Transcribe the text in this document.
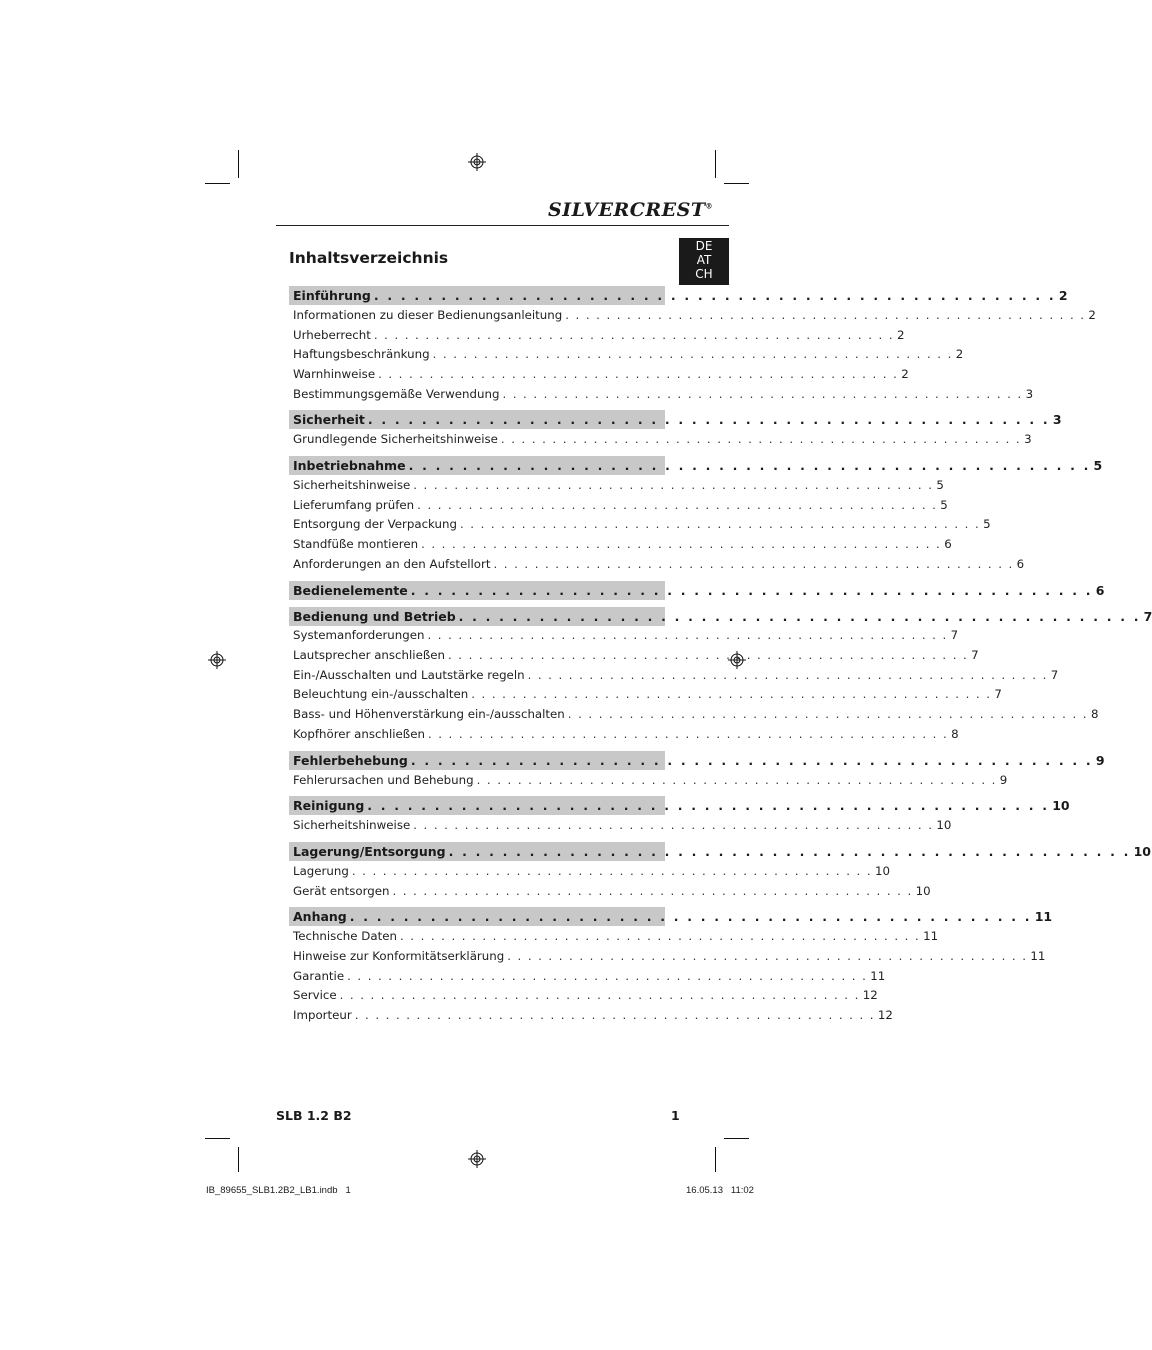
SILVERCREST®
DE
AT
CH
Inhaltsverzeichnis
Einführung . . . . . . . . . . . . . . . . . . . . . . . . . . . . . . . . . . . . . . . . . . . . . . . . . . . 2
Informationen zu dieser Bedienungsanleitung . . . . . . . . . . . . . . . . . . . . . . . . . . . . . . . . . . . . . . . . . . . . . . . . . . . 2
Urheberrecht . . . . . . . . . . . . . . . . . . . . . . . . . . . . . . . . . . . . . . . . . . . . . . . . . . . 2
Haftungsbeschränkung . . . . . . . . . . . . . . . . . . . . . . . . . . . . . . . . . . . . . . . . . . . . . . . . . . . 2
Warnhinweise . . . . . . . . . . . . . . . . . . . . . . . . . . . . . . . . . . . . . . . . . . . . . . . . . . . 2
Bestimmungsgemäße Verwendung . . . . . . . . . . . . . . . . . . . . . . . . . . . . . . . . . . . . . . . . . . . . . . . . . . . 3
Sicherheit . . . . . . . . . . . . . . . . . . . . . . . . . . . . . . . . . . . . . . . . . . . . . . . . . . . 3
Grundlegende Sicherheitshinweise . . . . . . . . . . . . . . . . . . . . . . . . . . . . . . . . . . . . . . . . . . . . . . . . . . . 3
Inbetriebnahme . . . . . . . . . . . . . . . . . . . . . . . . . . . . . . . . . . . . . . . . . . . . . . . . . . . 5
Sicherheitshinweise . . . . . . . . . . . . . . . . . . . . . . . . . . . . . . . . . . . . . . . . . . . . . . . . . . . 5
Lieferumfang prüfen . . . . . . . . . . . . . . . . . . . . . . . . . . . . . . . . . . . . . . . . . . . . . . . . . . . 5
Entsorgung der Verpackung . . . . . . . . . . . . . . . . . . . . . . . . . . . . . . . . . . . . . . . . . . . . . . . . . . . 5
Standfüße montieren . . . . . . . . . . . . . . . . . . . . . . . . . . . . . . . . . . . . . . . . . . . . . . . . . . . 6
Anforderungen an den Aufstellort . . . . . . . . . . . . . . . . . . . . . . . . . . . . . . . . . . . . . . . . . . . . . . . . . . . 6
Bedienelemente . . . . . . . . . . . . . . . . . . . . . . . . . . . . . . . . . . . . . . . . . . . . . . . . . . . 6
Bedienung und Betrieb . . . . . . . . . . . . . . . . . . . . . . . . . . . . . . . . . . . . . . . . . . . . . . . . . . . 7
Systemanforderungen . . . . . . . . . . . . . . . . . . . . . . . . . . . . . . . . . . . . . . . . . . . . . . . . . . . 7
Lautsprecher anschließen . . . . . . . . . . . . . . . . . . . . . . . . . . . . . . . . . . . . . . . . . . . . . . . . . . . 7
Ein-/Ausschalten und Lautstärke regeln . . . . . . . . . . . . . . . . . . . . . . . . . . . . . . . . . . . . . . . . . . . . . . . . . . . 7
Beleuchtung ein-/ausschalten . . . . . . . . . . . . . . . . . . . . . . . . . . . . . . . . . . . . . . . . . . . . . . . . . . . 7
Bass- und Höhenverstärkung ein-/ausschalten . . . . . . . . . . . . . . . . . . . . . . . . . . . . . . . . . . . . . . . . . . . . . . . . . . . 8
Kopfhörer anschließen . . . . . . . . . . . . . . . . . . . . . . . . . . . . . . . . . . . . . . . . . . . . . . . . . . . 8
Fehlerbehebung . . . . . . . . . . . . . . . . . . . . . . . . . . . . . . . . . . . . . . . . . . . . . . . . . . . 9
Fehlerursachen und Behebung . . . . . . . . . . . . . . . . . . . . . . . . . . . . . . . . . . . . . . . . . . . . . . . . . . . 9
Reinigung . . . . . . . . . . . . . . . . . . . . . . . . . . . . . . . . . . . . . . . . . . . . . . . . . . . 10
Sicherheitshinweise . . . . . . . . . . . . . . . . . . . . . . . . . . . . . . . . . . . . . . . . . . . . . . . . . . . 10
Lagerung/Entsorgung . . . . . . . . . . . . . . . . . . . . . . . . . . . . . . . . . . . . . . . . . . . . . . . . . . . 10
Lagerung . . . . . . . . . . . . . . . . . . . . . . . . . . . . . . . . . . . . . . . . . . . . . . . . . . . 10
Gerät entsorgen . . . . . . . . . . . . . . . . . . . . . . . . . . . . . . . . . . . . . . . . . . . . . . . . . . . 10
Anhang . . . . . . . . . . . . . . . . . . . . . . . . . . . . . . . . . . . . . . . . . . . . . . . . . . . 11
Technische Daten . . . . . . . . . . . . . . . . . . . . . . . . . . . . . . . . . . . . . . . . . . . . . . . . . . . 11
Hinweise zur Konformitätserklärung . . . . . . . . . . . . . . . . . . . . . . . . . . . . . . . . . . . . . . . . . . . . . . . . . . . 11
Garantie . . . . . . . . . . . . . . . . . . . . . . . . . . . . . . . . . . . . . . . . . . . . . . . . . . . 11
Service . . . . . . . . . . . . . . . . . . . . . . . . . . . . . . . . . . . . . . . . . . . . . . . . . . . 12
Importeur . . . . . . . . . . . . . . . . . . . . . . . . . . . . . . . . . . . . . . . . . . . . . . . . . . . 12
SLB 1.2 B2	1
IB_89655_SLB1.2B2_LB1.indb   1	16.05.13   11:02
